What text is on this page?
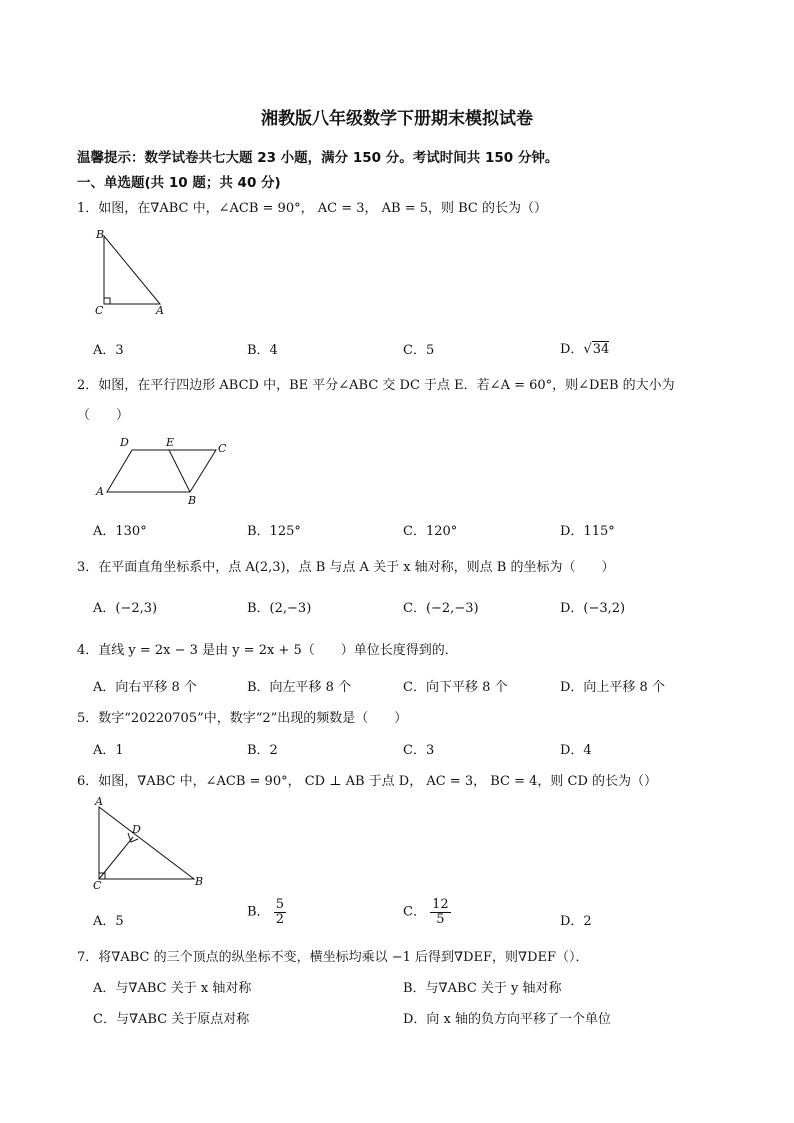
湘教版八年级数学下册期末模拟试卷
温馨提示：数学试卷共七大题 23 小题，满分 150 分。考试时间共 150 分钟。
一、单选题(共 10 题；共 40 分)
1．如图，在∇ABC 中，∠ACB = 90°， AC = 3， AB = 5，则 BC 的长为（）
B
C	A
A．3	B．4	C．5	D．√34
2．如图，在平行四边形 ABCD 中，BE 平分∠ABC 交 DC 于点 E．若∠A = 60°，则∠DEB 的大小为
（　　）
D	E	C
A
B
A．130°	B．125°	C．120°	D．115°
3．在平面直角坐标系中，点 A(2,3)，点 B 与点 A 关于 x 轴对称，则点 B 的坐标为（　　）
A．(−2,3)	B．(2,−3)	C．(−2,−3)	D．(−3,2)
4．直线 y = 2x − 3 是由 y = 2x + 5（　　）单位长度得到的．
A．向右平移 8 个	B．向左平移 8 个	C．向下平移 8 个	D．向上平移 8 个
5．数字“20220705”中，数字“2”出现的频数是（　　）
A．1	B．2	C．3	D．4
6．如图，∇ABC 中，∠ACB = 90°， CD ⊥ AB 于点 D， AC = 3， BC = 4，则 CD 的长为（）
A
D
C	B
A．5
B． $\frac{5}{2}$	C． $\frac{12}{5}$	D．2
7．将∇ABC 的三个顶点的纵坐标不变，横坐标均乘以 −1 后得到∇DEF，则∇DEF（）．
A．与∇ABC 关于 x 轴对称	B．与∇ABC 关于 y 轴对称
C．与∇ABC 关于原点对称	D．向 x 轴的负方向平移了一个单位
